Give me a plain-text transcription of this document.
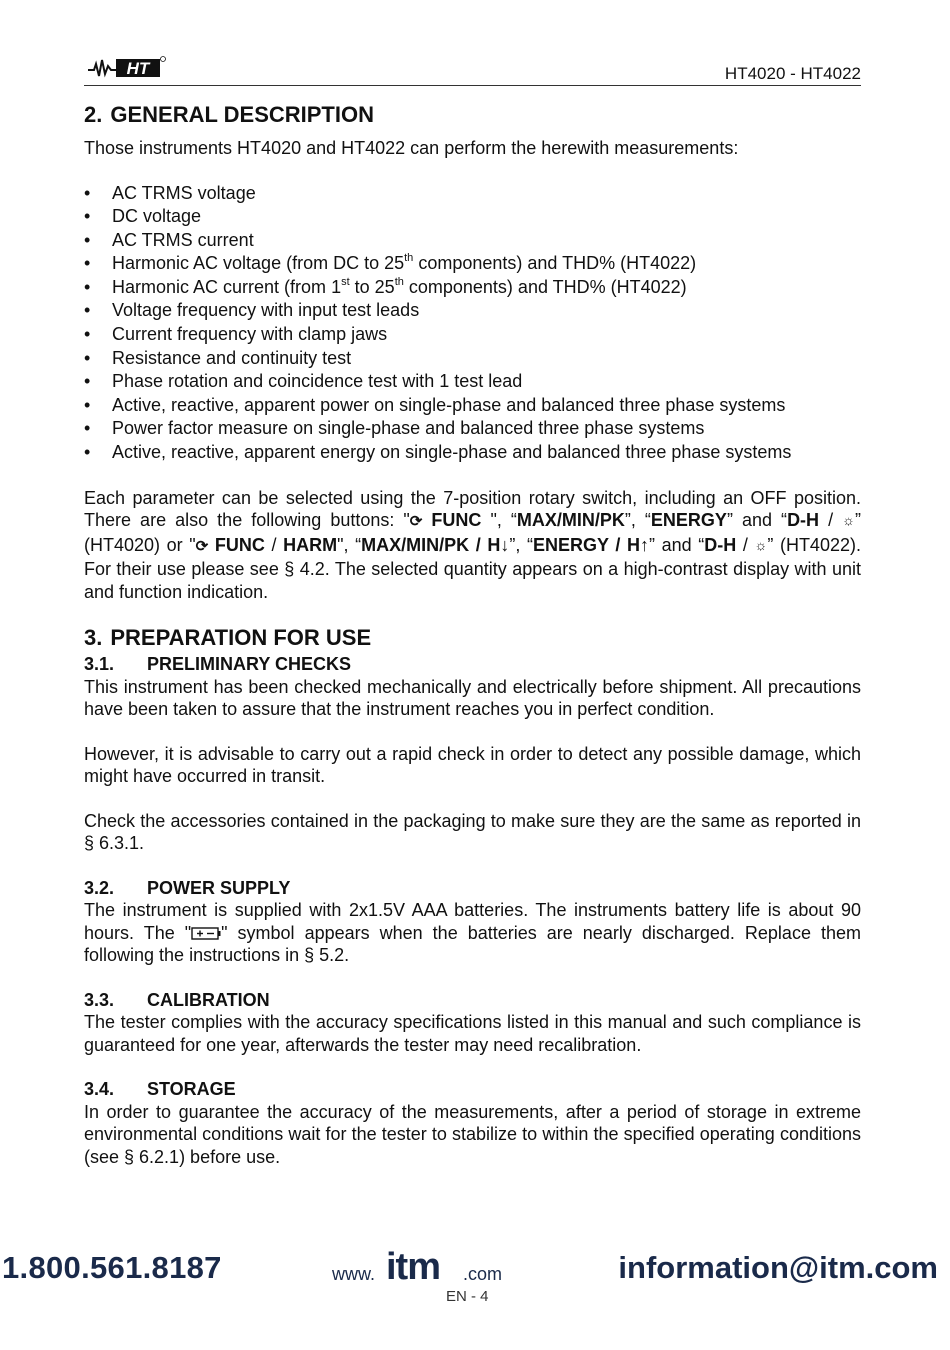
HT	HT4020 - HT4022
2. GENERAL DESCRIPTION

Those instruments HT4020 and HT4022 can perform the herewith measurements:

• AC TRMS voltage
• DC voltage
• AC TRMS current
• Harmonic AC voltage (from DC to 25th components) and THD% (HT4022)
• Harmonic AC current (from 1st to 25th components) and THD% (HT4022)
• Voltage frequency with input test leads
• Current frequency with clamp jaws
• Resistance and continuity test
• Phase rotation and coincidence test with 1 test lead
• Active, reactive, apparent power on single-phase and balanced three phase systems
• Power factor measure on single-phase and balanced three phase systems
• Active, reactive, apparent energy on single-phase and balanced three phase systems

Each parameter can be selected using the 7-position rotary switch, including an OFF position. There are also the following buttons: "⟳ FUNC ", “MAX/MIN/PK”, “ENERGY” and “D-H / ☼” (HT4020) or "⟳ FUNC / HARM", “MAX/MIN/PK / H↓”, “ENERGY / H↑” and “D-H / ☼” (HT4022). For their use please see § 4.2. The selected quantity appears on a high-contrast display with unit and function indication.

3. PREPARATION FOR USE
3.1. PRELIMINARY CHECKS

This instrument has been checked mechanically and electrically before shipment. All precautions have been taken to assure that the instrument reaches you in perfect condition.

However, it is advisable to carry out a rapid check in order to detect any possible damage, which might have occurred in transit.

Check the accessories contained in the packaging to make sure they are the same as reported in § 6.3.1.

3.2. POWER SUPPLY

The instrument is supplied with 2x1.5V AAA batteries. The instruments battery life is about 90 hours. The " " symbol appears when the batteries are nearly discharged. Replace them following the instructions in § 5.2.

3.3. CALIBRATION

The tester complies with the accuracy specifications listed in this manual and such compliance is guaranteed for one year, afterwards the tester may need recalibration.

3.4. STORAGE

In order to guarantee the accuracy of the measurements, after a period of storage in extreme environmental conditions wait for the tester to stabilize to within the specified operating conditions (see § 6.2.1) before use.

1.800.561.8187	www. itm .com	information@itm.com
EN - 4
